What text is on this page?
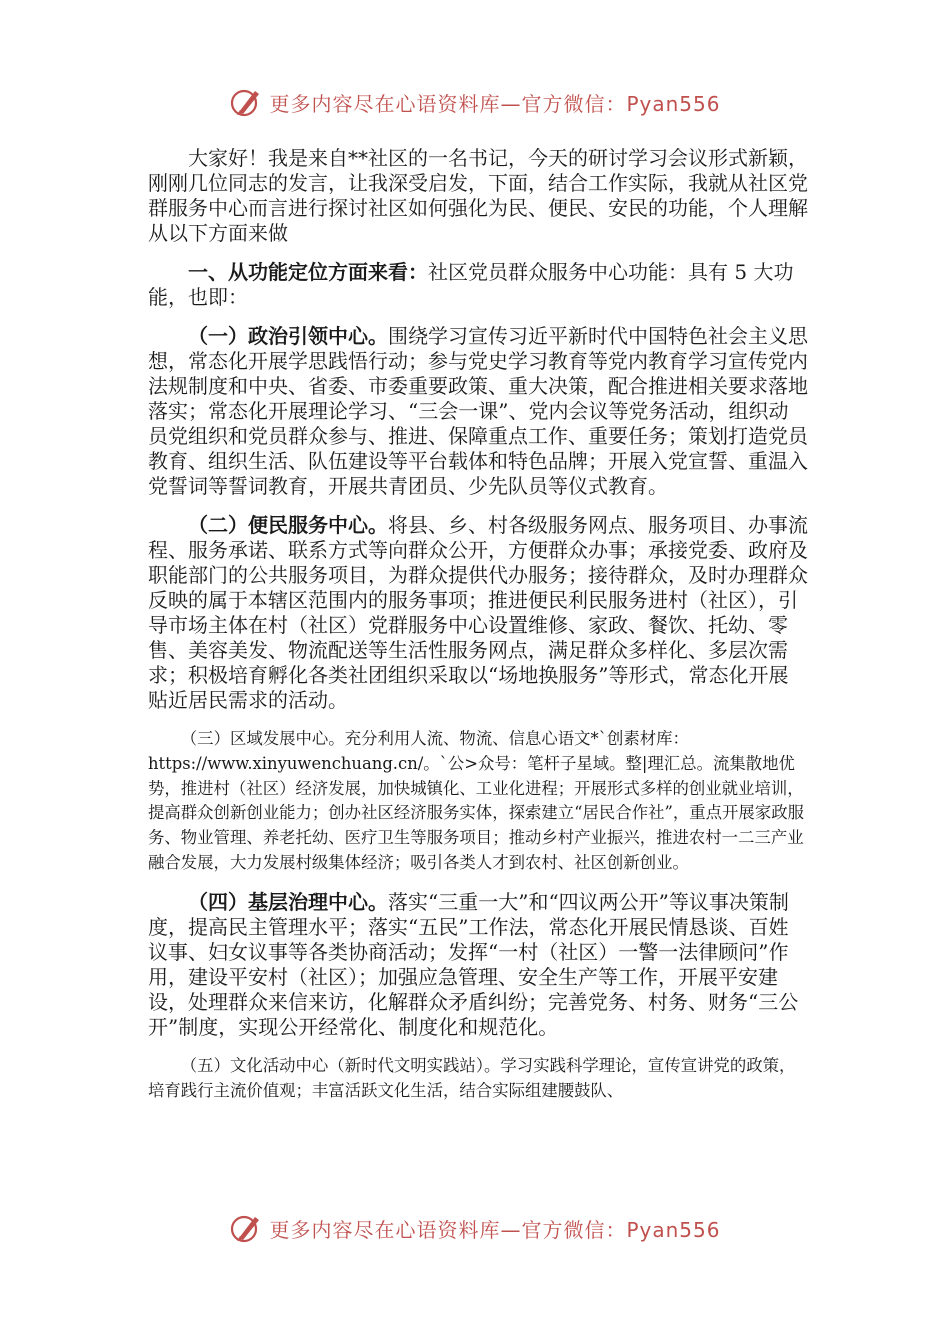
更多内容尽在心语资料库—官方微信：Pyan556

大家好！我是来自**社区的一名书记，今天的研讨学习会议形式新颖，刚刚几位同志的发言，让我深受启发，下面，结合工作实际，我就从社区党群服务中心而言进行探讨社区如何强化为民、便民、安民的功能，个人理解从以下方面来做

一、从功能定位方面来看：社区党员群众服务中心功能：具有 5 大功能，也即：

（一）政治引领中心。围绕学习宣传习近平新时代中国特色社会主义思想，常态化开展学思践悟行动；参与党史学习教育等党内教育学习宣传党内法规制度和中央、省委、市委重要政策、重大决策，配合推进相关要求落地落实；常态化开展理论学习、“三会一课”、党内会议等党务活动，组织动员党组织和党员群众参与、推进、保障重点工作、重要任务；策划打造党员教育、组织生活、队伍建设等平台载体和特色品牌；开展入党宣誓、重温入党誓词等誓词教育，开展共青团员、少先队员等仪式教育。

（二）便民服务中心。将县、乡、村各级服务网点、服务项目、办事流程、服务承诺、联系方式等向群众公开，方便群众办事；承接党委、政府及职能部门的公共服务项目，为群众提供代办服务；接待群众，及时办理群众反映的属于本辖区范围内的服务事项；推进便民利民服务进村（社区），引导市场主体在村（社区）党群服务中心设置维修、家政、餐饮、托幼、零售、美容美发、物流配送等生活性服务网点，满足群众多样化、多层次需求；积极培育孵化各类社团组织采取以“场地换服务”等形式，常态化开展贴近居民需求的活动。

（三）区域发展中心。充分利用人流、物流、信息心语文*`创素材库：https://www.xinyuwenchuang.cn/。`公>众号：笔杆子星域。整|理汇总。流集散地优势，推进村（社区）经济发展，加快城镇化、工业化进程；开展形式多样的创业就业培训，提高群众创新创业能力；创办社区经济服务实体，探索建立“居民合作社”，重点开展家政服务、物业管理、养老托幼、医疗卫生等服务项目；推动乡村产业振兴，推进农村一二三产业融合发展，大力发展村级集体经济；吸引各类人才到农村、社区创新创业。

（四）基层治理中心。落实“三重一大”和“四议两公开”等议事决策制度，提高民主管理水平；落实“五民”工作法，常态化开展民情恳谈、百姓议事、妇女议事等各类协商活动；发挥“一村（社区）一警一法律顾问”作用，建设平安村（社区）；加强应急管理、安全生产等工作，开展平安建设，处理群众来信来访，化解群众矛盾纠纷；完善党务、村务、财务“三公开”制度，实现公开经常化、制度化和规范化。

（五）文化活动中心（新时代文明实践站）。学习实践科学理论，宣传宣讲党的政策，培育践行主流价值观；丰富活跃文化生活，结合实际组建腰鼓队、

更多内容尽在心语资料库—官方微信：Pyan556
